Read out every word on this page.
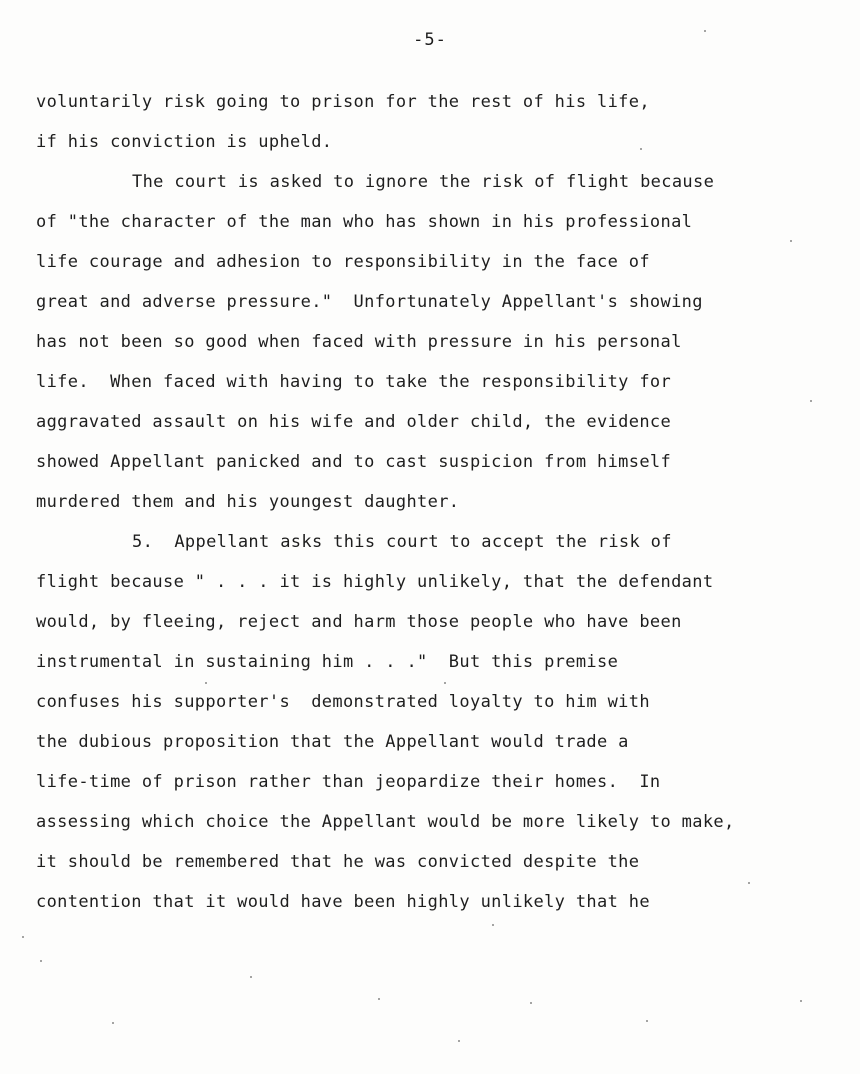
-5-
voluntarily risk going to prison for the rest of his life,
if his conviction is upheld.
The court is asked to ignore the risk of flight because
of "the character of the man who has shown in his professional
life courage and adhesion to responsibility in the face of
great and adverse pressure."  Unfortunately Appellant's showing
has not been so good when faced with pressure in his personal
life.  When faced with having to take the responsibility for
aggravated assault on his wife and older child, the evidence
showed Appellant panicked and to cast suspicion from himself
murdered them and his youngest daughter.
5.  Appellant asks this court to accept the risk of
flight because " . . . it is highly unlikely, that the defendant
would, by fleeing, reject and harm those people who have been
instrumental in sustaining him . . ."  But this premise
confuses his supporter's  demonstrated loyalty to him with
the dubious proposition that the Appellant would trade a
life-time of prison rather than jeopardize their homes.  In
assessing which choice the Appellant would be more likely to make,
it should be remembered that he was convicted despite the
contention that it would have been highly unlikely that he
